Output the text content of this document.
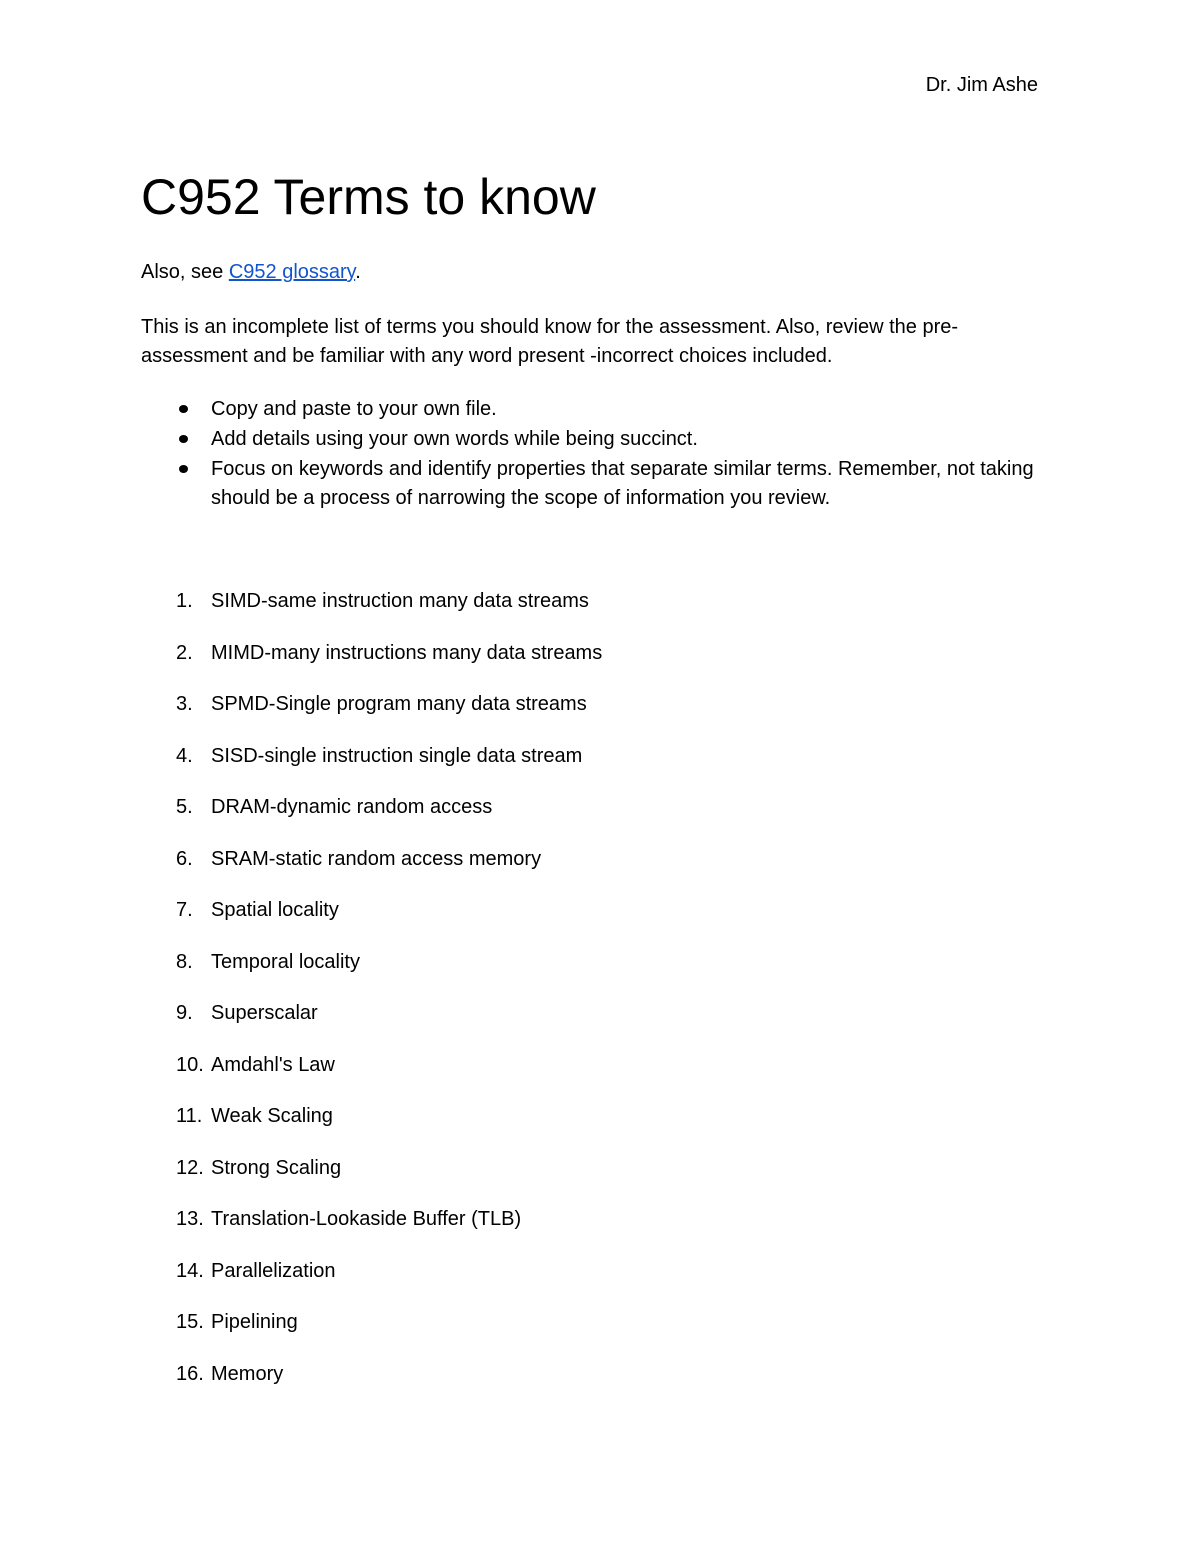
Dr. Jim Ashe
C952 Terms to know
Also, see C952 glossary.
This is an incomplete list of terms you should know for the assessment. Also, review the pre-assessment and be familiar with any word present -incorrect choices included.
Copy and paste to your own file.
Add details using your own words while being succinct.
Focus on keywords and identify properties that separate similar terms. Remember, not taking should be a process of narrowing the scope of information you review.
1. SIMD-same instruction many data streams
2. MIMD-many instructions many data streams
3. SPMD-Single program many data streams
4. SISD-single instruction single data stream
5. DRAM-dynamic random access
6. SRAM-static random access memory
7. Spatial locality
8. Temporal locality
9. Superscalar
10. Amdahl's Law
11. Weak Scaling
12. Strong Scaling
13. Translation-Lookaside Buffer (TLB)
14. Parallelization
15. Pipelining
16. Memory
